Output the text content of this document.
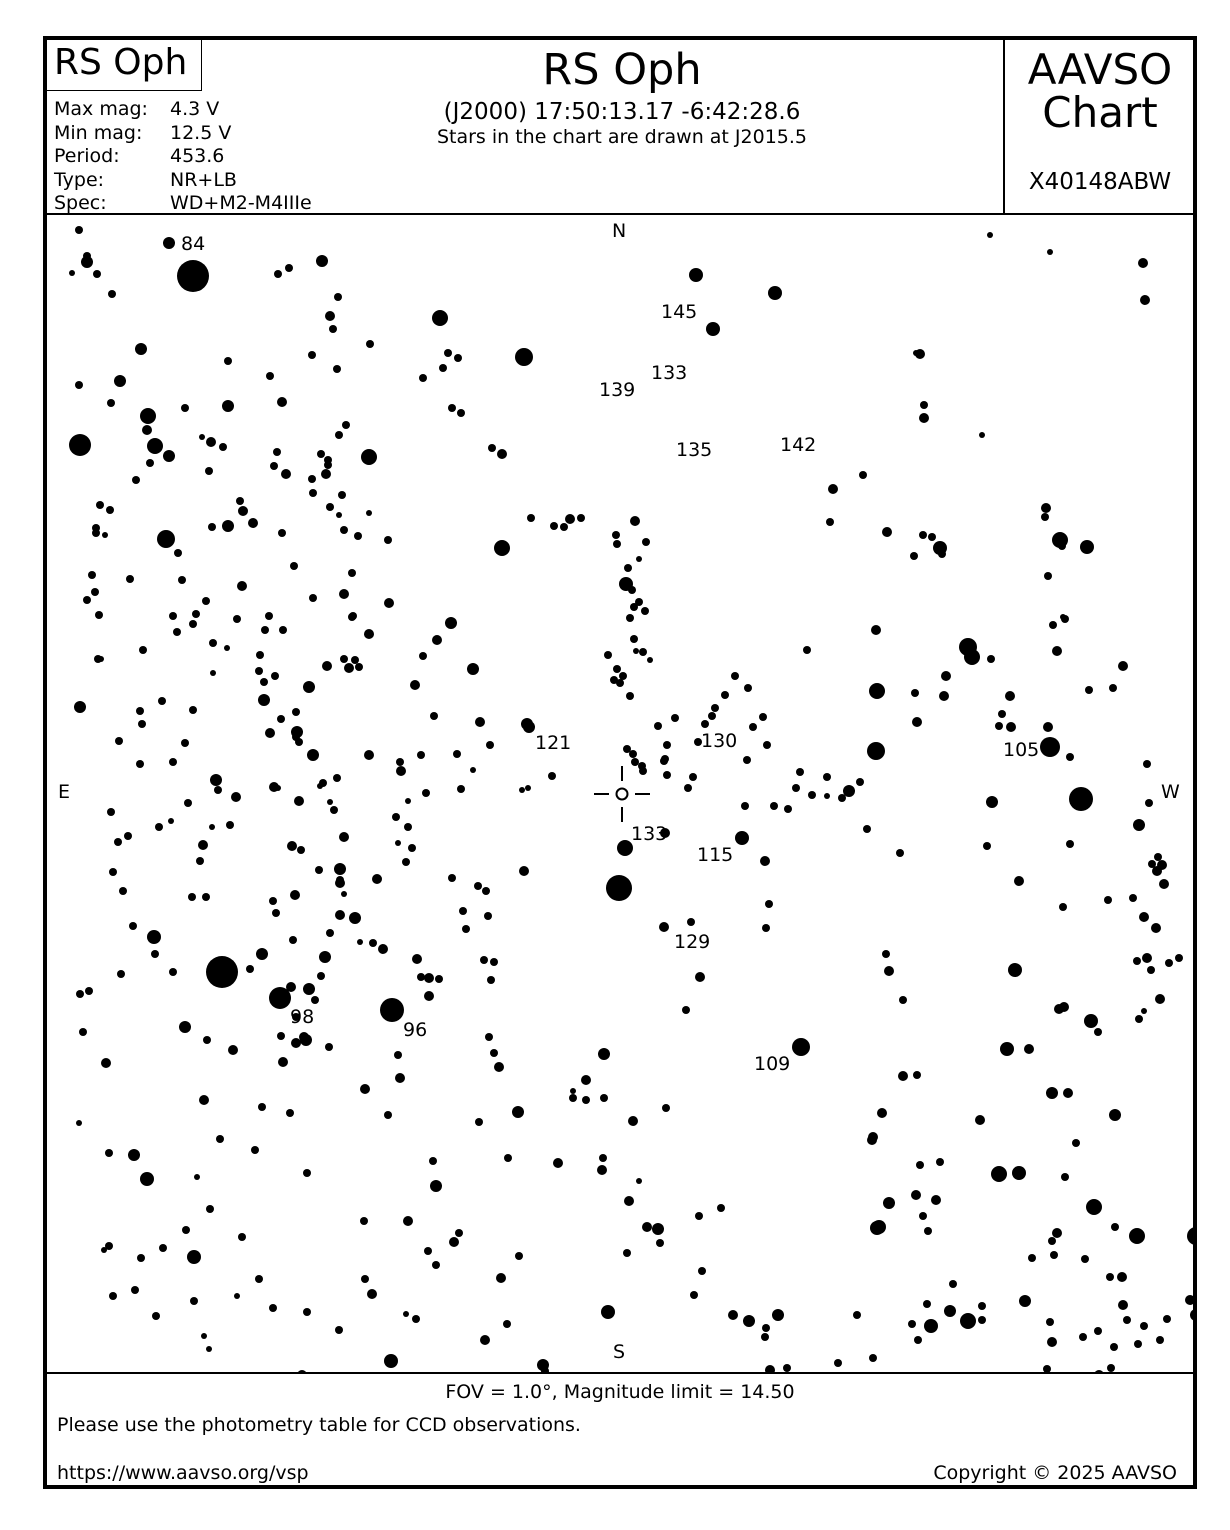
RS Oph
Max mag:	4.3 V
Min mag:	12.5 V
Period:	453.6
Type:	NR+LB
Spec:	WD+M2-M4IIIe
RS Oph
(J2000) 17:50:13.17 -6:42:28.6
Stars in the chart are drawn at J2015.5
AAVSO
Chart
X40148ABW
N
S
E	W
84
145
133
139
135	142
121	130	105
133
115
129
98
96
109
FOV = 1.0°, Magnitude limit = 14.50
Please use the photometry table for CCD observations.
https://www.aavso.org/vsp	Copyright © 2025 AAVSO
